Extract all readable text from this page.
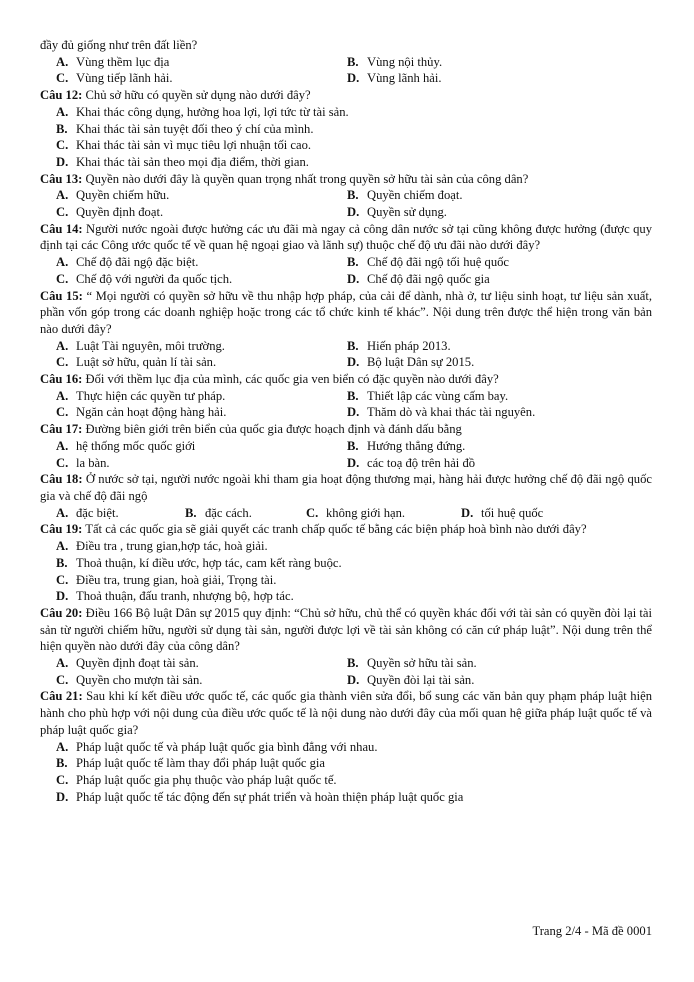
đầy đủ giống như trên đất liền?
A. Vùng thềm lục địa	B. Vùng nội thủy.
C. Vùng tiếp lãnh hải.	D. Vùng lãnh hải.
Câu 12: Chủ sở hữu có quyền sử dụng nào dưới đây?
A. Khai thác công dụng, hưởng hoa lợi, lợi tức từ tài sản.
B. Khai thác tài sản tuyệt đối theo ý chí của mình.
C. Khai thác tài sản vì mục tiêu lợi nhuận tối cao.
D. Khai thác tài sản theo mọi địa điểm, thời gian.
Câu 13: Quyền nào dưới đây là quyền quan trọng nhất trong quyền sở hữu tài sản của công dân?
A. Quyền chiếm hữu.	B. Quyền chiếm đoạt.
C. Quyền định đoạt.	D. Quyền sử dụng.
Câu 14: Người nước ngoài được hưởng các ưu đãi mà ngay cả công dân nước sở tại cũng không được hưởng (được quy định tại các Công ước quốc tế về quan hệ ngoại giao và lãnh sự) thuộc chế độ ưu đãi nào dưới đây?
A. Chế độ đãi ngộ đặc biệt.	B. Chế độ đãi ngộ tối huệ quốc
C. Chế độ với người đa quốc tịch.	D. Chế độ đãi ngộ quốc gia
Câu 15: “ Mọi người có quyền sở hữu về thu nhập hợp pháp, của cải để dành, nhà ở, tư liệu sinh hoạt, tư liệu sản xuất, phần vốn góp trong các doanh nghiệp hoặc trong các tổ chức kinh tế khác”. Nội dung trên được thể hiện trong văn bản nào dưới đây?
A. Luật Tài nguyên, môi trường.	B. Hiến pháp 2013.
C. Luật sở hữu, quản lí tài sản.	D. Bộ luật Dân sự 2015.
Câu 16: Đối với thềm lục địa của mình, các quốc gia ven biển có đặc quyền nào dưới đây?
A. Thực hiện các quyền tư pháp.	B. Thiết lập các vùng cấm bay.
C. Ngăn cản hoạt động hàng hải.	D. Thăm dò và khai thác tài nguyên.
Câu 17: Đường biên giới trên biển của quốc gia được hoạch định và đánh dấu bằng
A. hệ thống mốc quốc giới	B. Hướng thẳng đứng.
C. la bàn.	D. các toạ độ trên hải đồ
Câu 18: Ở nước sở tại, người nước ngoài khi tham gia hoạt động thương mại, hàng hải được hưởng chế độ đãi ngộ quốc gia và chế độ đãi ngộ
A. đặc biệt.	B. đặc cách.	C. không giới hạn.	D. tối huệ quốc
Câu 19: Tất cả các quốc gia sẽ giải quyết các tranh chấp quốc tế bằng các biện pháp hoà bình nào dưới đây?
A. Điều tra , trung gian,hợp tác, hoà giải.
B. Thoả thuận, kí điều ước, hợp tác, cam kết ràng buộc.
C. Điều tra, trung gian, hoà giải, Trọng tài.
D. Thoả thuận, đấu tranh, nhượng bộ, hợp tác.
Câu 20: Điều 166 Bộ luật Dân sự 2015 quy định: “Chủ sở hữu, chủ thể có quyền khác đối với tài sản có quyền đòi lại tài sản từ người chiếm hữu, người sử dụng tài sản, người được lợi về tài sản không có căn cứ pháp luật”. Nội dung trên thể hiện quyền nào dưới đây của công dân?
A. Quyền định đoạt tài sản.	B. Quyền sở hữu tài sản.
C. Quyền cho mượn tài sản.	D. Quyền đòi lại tài sản.
Câu 21: Sau khi kí kết điều ước quốc tế, các quốc gia thành viên sửa đổi, bổ sung các văn bản quy phạm pháp luật hiện hành cho phù hợp với nội dung của điều ước quốc tế là nội dung nào dưới đây của mối quan hệ giữa pháp luật quốc tế và pháp luật quốc gia?
A. Pháp luật quốc tế và pháp luật quốc gia bình đẳng với nhau.
B. Pháp luật quốc tế làm thay đổi pháp luật quốc gia
C. Pháp luật quốc gia phụ thuộc vào pháp luật quốc tế.
D. Pháp luật quốc tế tác động đến sự phát triển và hoàn thiện pháp luật quốc gia
Trang 2/4 - Mã đề 0001
